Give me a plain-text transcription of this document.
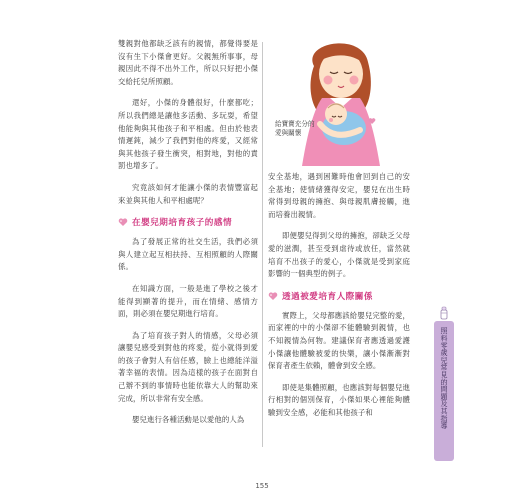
雙親對他都缺乏該有的親情，都覺得要是沒有生下小傑會更好。父親無所事事，母親因此不得不出外工作，所以只好把小傑交給托兒所照顧。

還好，小傑的身體很好，什麼都吃；所以我們總是讓他多活動、多玩耍，希望他能夠與其他孩子和平相處。但由於他表情遲鈍，減少了我們對他的疼愛，又經常與其他孩子發生衝突，相對地，對他的責罰也增多了。

究竟該如何才能讓小傑的表情豐富起來並與其他人和平相處呢？

在嬰兒期培育孩子的感情

為了發展正常的社交生活，我們必須與人建立起互相扶持、互相照顧的人際關係。

在知識方面，一般是進了學校之後才能得到顯著的提升，而在情緒、感情方面，則必須在嬰兒期進行培育。

為了培育孩子對人的情感，父母必須讓嬰兒感受到對他的疼愛，從小就得到愛的孩子會對人有信任感，臉上也總能洋溢著幸福的表情。因為這樣的孩子在面對自己辦不到的事情時也能依靠大人的幫助來完成，所以非常有安全感。

嬰兒進行各種活動是以愛他的人為

給寶寶充分的愛與關懷

安全基地，遇到困難時他會回到自己的安全基地；使情緒獲得安定，嬰兒在出生時常得到母親的擁抱、與母親肌膚接觸，進而培養出親情。

即便嬰兒得到父母的擁抱，卻缺乏父母愛的滋潤，甚至受到虐待或放任，當然就培育不出孩子的愛心，小傑就是受到家庭影響的一個典型的例子。

透過被愛培育人際關係

實際上，父母都應該給嬰兒完整的愛，而家裡的中的小傑卻不能體驗到親情，也不知親情為何物。建議保育者應透過愛護小傑讓他體驗被愛的快樂，讓小傑漸漸對保育者產生依賴，體會到安全感。

即使是集體照顧，也應該對每個嬰兒進行相對的個別保育，小傑如果心裡能夠體驗到安全感，必能和其他孩子和	照料零歲兒常見的問題及其指導
155
